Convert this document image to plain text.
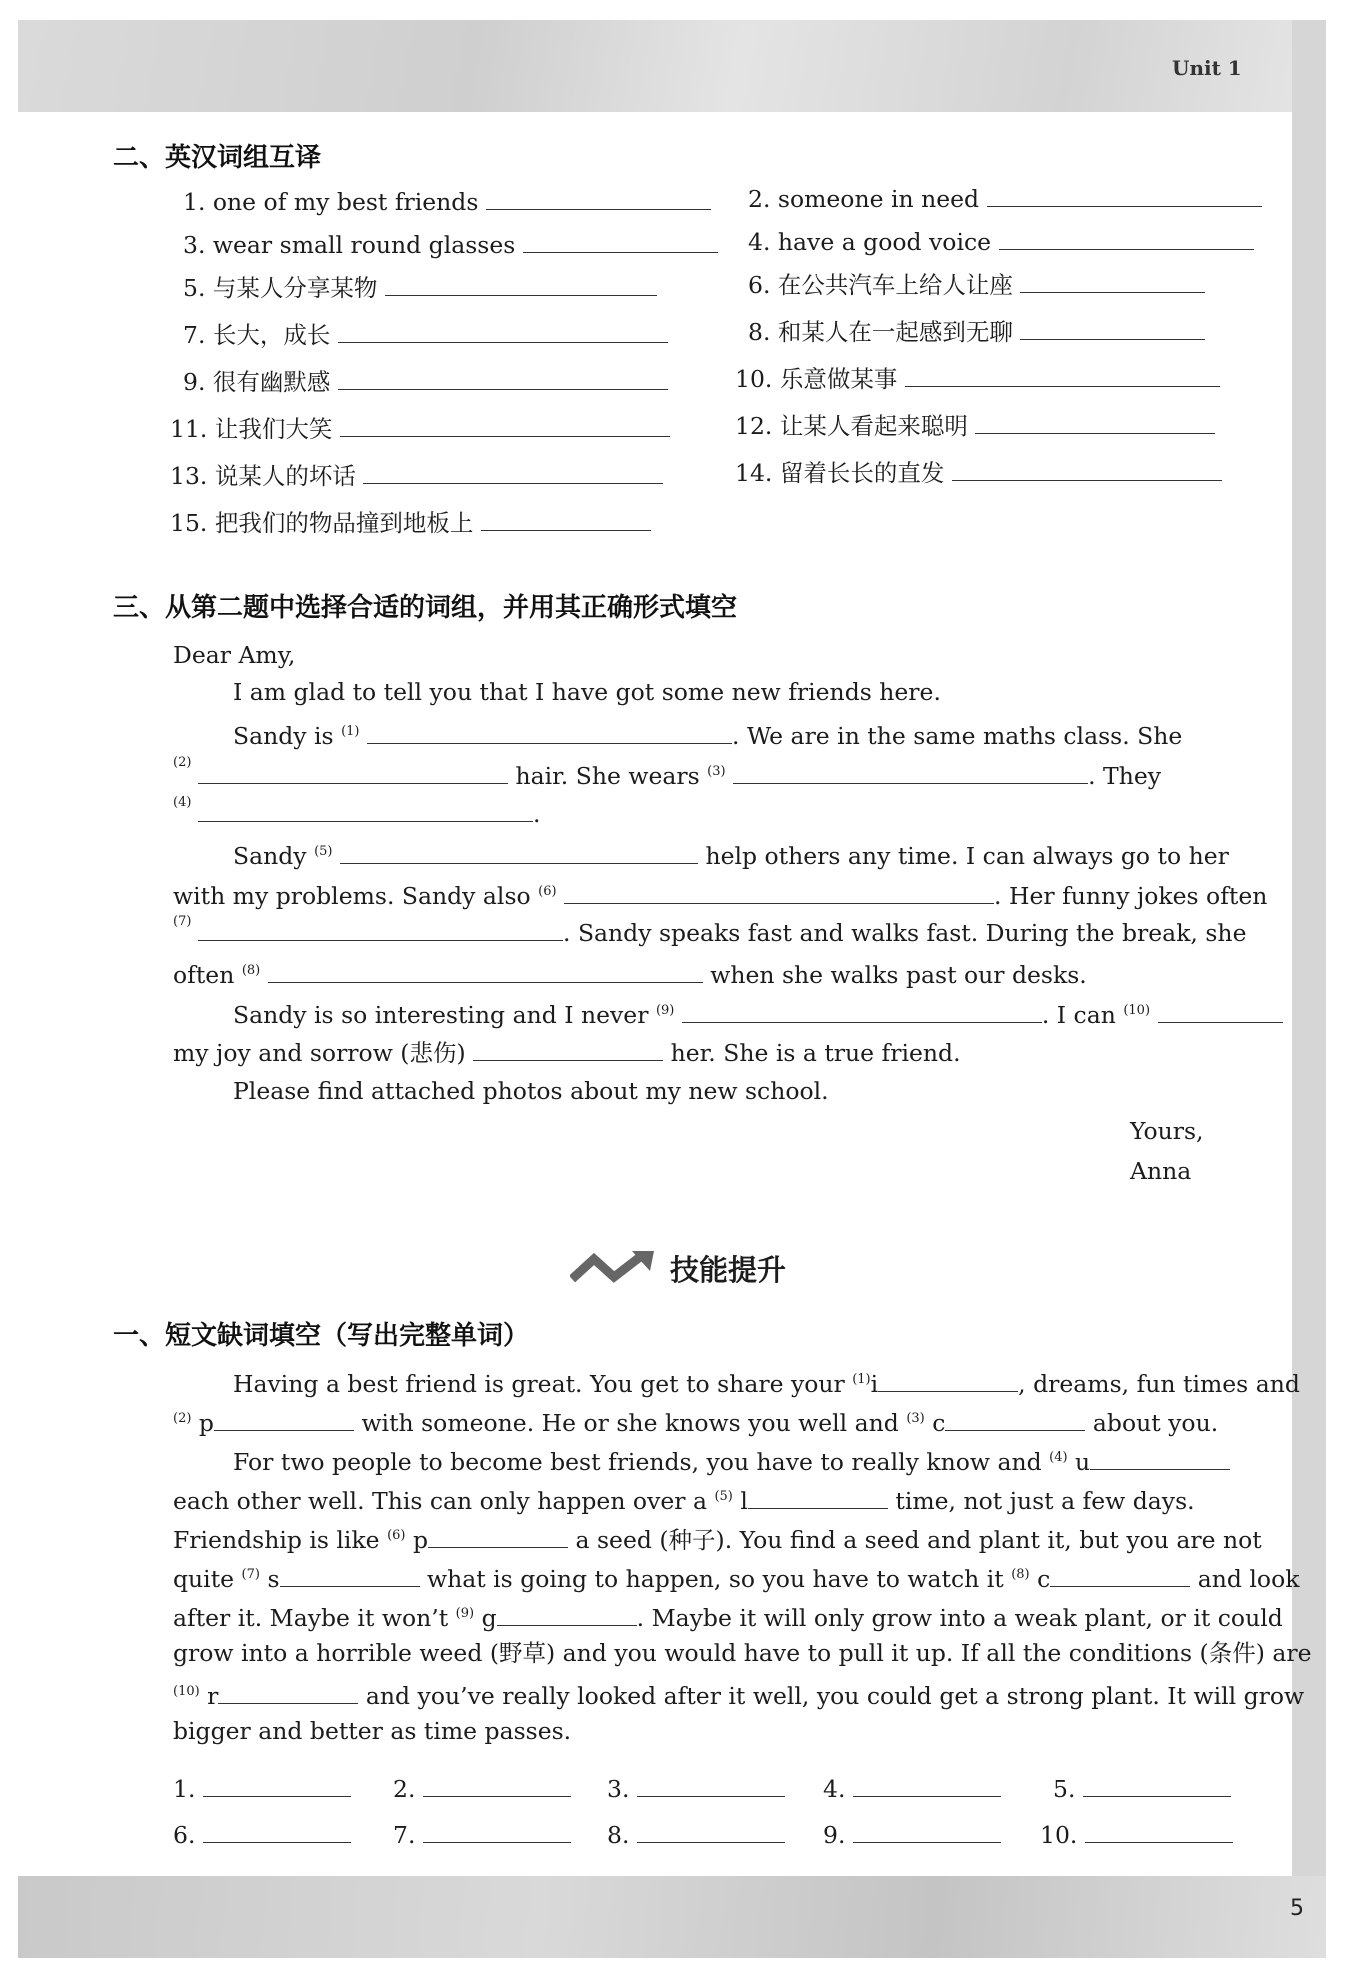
Unit 1
5
二、英汉词组互译
1. one of my best friends	2. someone in need
3. wear small round glasses	4. have a good voice
5. 与某人分享某物	6. 在公共汽车上给人让座
7. 长大，成长	8. 和某人在一起感到无聊
9. 很有幽默感	10. 乐意做某事
11. 让我们大笑	12. 让某人看起来聪明
13. 说某人的坏话	14. 留着长长的直发
15. 把我们的物品撞到地板上
三、从第二题中选择合适的词组，并用其正确形式填空
Dear Amy,
I am glad to tell you that I have got some new friends here.
Sandy is $^{(1)}$	. We are in the same maths class. She
(2)	hair. She wears $^{(3)}$	. They
(4)	.
Sandy $^{(5)}$	help others any time. I can always go to her
with my problems. Sandy also $^{(6)}$	. Her funny jokes often
(7)	. Sandy speaks fast and walks fast. During the break, she
often $^{(8)}$	when she walks past our desks.
Sandy is so interesting and I never $^{(9)}$	. I can $^{(10)}$
my joy and sorrow (悲伤)	her. She is a true friend.
Please find attached photos about my new school.
Yours,
Anna
技能提升
一、短文缺词填空（写出完整单词）
Having a best friend is great. You get to share your $^{(1)}$i	, dreams, fun times and
$^{(2)}$ p	with someone. He or she knows you well and $^{(3)}$ c	about you.
For two people to become best friends, you have to really know and $^{(4)}$ u
each other well. This can only happen over a $^{(5)}$ l	time, not just a few days.
Friendship is like $^{(6)}$ p	a seed (种子). You find a seed and plant it, but you are not
quite $^{(7)}$ s	what is going to happen, so you have to watch it $^{(8)}$ c	and look
after it. Maybe it won’t $^{(9)}$ g	. Maybe it will only grow into a weak plant, or it could
grow into a horrible weed (野草) and you would have to pull it up. If all the conditions (条件) are
$^{(10)}$ r	and you’ve really looked after it well, you could get a strong plant. It will grow
bigger and better as time passes.
1.	2.	3.	4.	5.
6.	7.	8.	9.	10.
